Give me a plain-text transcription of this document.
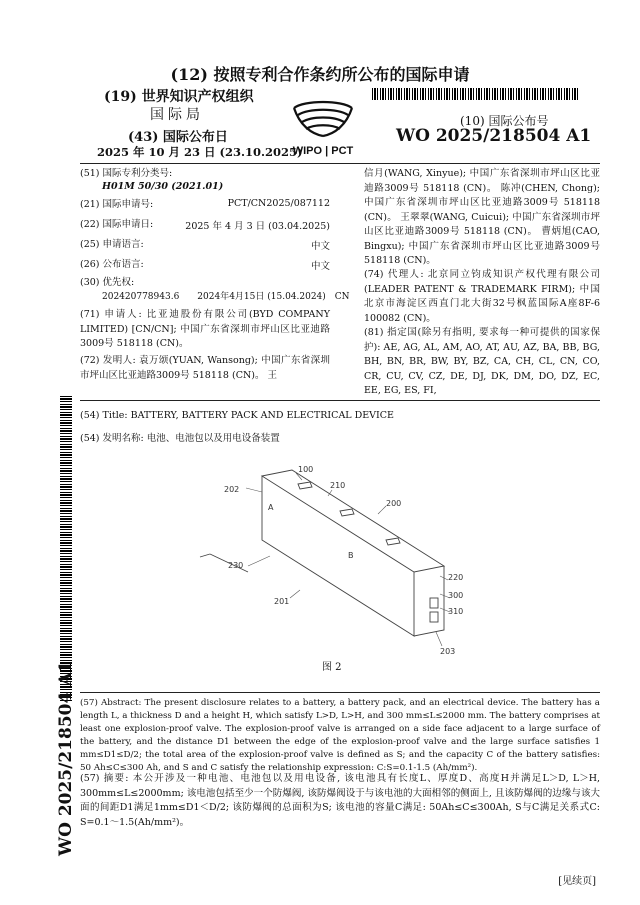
(12) 按照专利合作条约所公布的国际申请
(19) 世界知识产权组织
国际局
(43) 国际公布日
2025 年 10 月 23 日 (23.10.2025)
WIPO | PCT
(10) 国际公布号
WO 2025/218504 A1
(51) 国际专利分类号:
H01M 50/30 (2021.01)
(21) 国际申请号:	PCT/CN2025/087112
(22) 国际申请日:	2025 年 4 月 3 日 (03.04.2025)
(25) 申请语言:	中文
(26) 公布语言:	中文
(30) 优先权:
202420778943.6　　2024年4月15日 (15.04.2024)　CN
(71) 申请人: 比亚迪股份有限公司(BYD COMPANY LIMITED) [CN/CN]; 中国广东省深圳市坪山区比亚迪路3009号 518118 (CN)。
(72) 发明人: 袁万颂(YUAN, Wansong); 中国广东省深圳市坪山区比亚迪路3009号 518118 (CN)。 王
信月(WANG, Xinyue); 中国广东省深圳市坪山区比亚迪路3009号 518118 (CN)。 陈冲(CHEN, Chong); 中国广东省深圳市坪山区比亚迪路3009号 518118 (CN)。 王翠翠(WANG, Cuicui); 中国广东省深圳市坪山区比亚迪路3009号 518118 (CN)。 曹炳旭(CAO, Bingxu); 中国广东省深圳市坪山区比亚迪路3009号 518118 (CN)。
(74) 代理人: 北京同立钧成知识产权代理有限公司(LEADER PATENT & TRADEMARK FIRM); 中国北京市海淀区西直门北大街32号枫蓝国际A座8F-6 100082 (CN)。
(81) 指定国(除另有指明, 要求每一种可提供的国家保护): AE, AG, AL, AM, AO, AT, AU, AZ, BA, BB, BG, BH, BN, BR, BW, BY, BZ, CA, CH, CL, CN, CO, CR, CU, CV, CZ, DE, DJ, DK, DM, DO, DZ, EC, EE, EG, ES, FI,
WO 2025/218504 A1
(54) Title: BATTERY, BATTERY PACK AND ELECTRICAL DEVICE
(54) 发明名称: 电池、电池包以及用电设备装置
100
202	210
200
A
B
230
201
220
300
310
203
图 2
(57) Abstract: The present disclosure relates to a battery, a battery pack, and an electrical device. The battery has a length L, a thickness D and a height H, which satisfy L>D, L>H, and 300 mm≤L≤2000 mm. The battery comprises at least one explosion-proof valve. The explosion-proof valve is arranged on a side face adjacent to a large surface of the battery, and the distance D1 between the edge of the explosion-proof valve and the large surface satisfies 1 mm≤D1≤D/2; the total area of the explosion-proof valve is defined as S; and the capacity C of the battery satisfies: 50 Ah≤C≤300 Ah, and S and C satisfy the relationship expression: C:S=0.1-1.5 (Ah/mm²).
(57) 摘要: 本公开涉及一种电池、电池包以及用电设备, 该电池具有长度L、厚度D、高度H并满足L＞D, L＞H, 300mm≤L≤2000mm; 该电池包括至少一个防爆阀, 该防爆阀设于与该电池的大面相邻的侧面上, 且该防爆阀的边缘与该大面的间距D1满足1mm≤D1＜D/2; 该防爆阀的总面积为S; 该电池的容量C满足: 50Ah≤C≤300Ah, S与C满足关系式C: S=0.1～1.5(Ah/mm²)。
[见续页]
